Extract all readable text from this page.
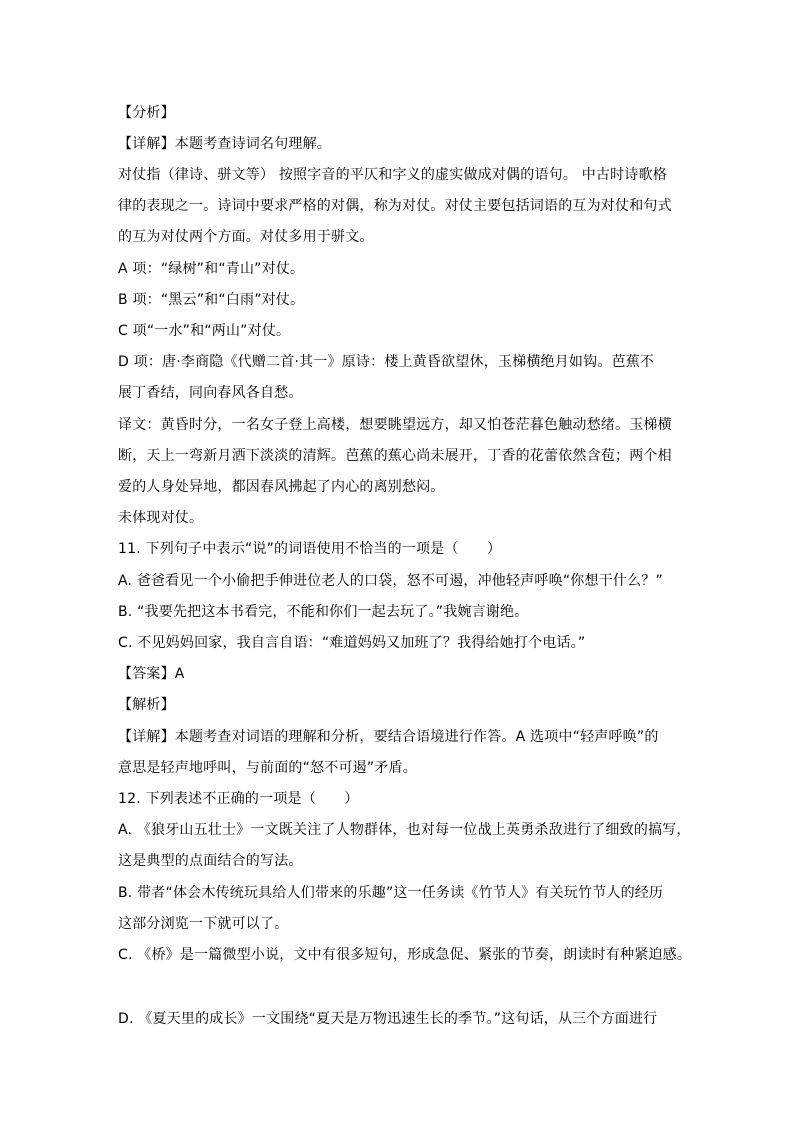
【分析】
【详解】本题考查诗词名句理解。
对仗指（律诗、骈文等） 按照字音的平仄和字义的虚实做成对偶的语句。 中古时诗歌格
律的表现之一。诗词中要求严格的对偶，称为对仗。对仗主要包括词语的互为对仗和句式
的互为对仗两个方面。对仗多用于骈文。
A 项：“绿树”和“青山”对仗。
B 项：“黑云”和“白雨”对仗。
C 项“一水”和“两山”对仗。
D 项：唐·李商隐《代赠二首·其一》原诗：楼上黄昏欲望休，玉梯横绝月如钩。芭蕉不
展丁香结，同向春风各自愁。
译文：黄昏时分，一名女子登上高楼，想要眺望远方，却又怕苍茫暮色触动愁绪。玉梯横
断，天上一弯新月洒下淡淡的清辉。芭蕉的蕉心尚未展开，丁香的花蕾依然含苞；两个相
爱的人身处异地，都因春风拂起了内心的离别愁闷。
未体现对仗。
11. 下列句子中表示“说”的词语使用不恰当的一项是（　　）
A. 爸爸看见一个小偷把手伸进位老人的口袋，怒不可遏，冲他轻声呼唤“你想干什么？”
B. “我要先把这本书看完，不能和你们一起去玩了。”我婉言谢绝。
C. 不见妈妈回家，我自言自语：“难道妈妈又加班了？我得给她打个电话。”
【答案】A
【解析】
【详解】本题考查对词语的理解和分析，要结合语境进行作答。A 选项中“轻声呼唤”的
意思是轻声地呼叫，与前面的“怒不可遏”矛盾。
12. 下列表述不正确的一项是（　　）
A. 《狼牙山五壮士》一文既关注了人物群体，也对每一位战上英勇杀敌进行了细致的搞写，
这是典型的点面结合的写法。
B. 带者“体会木传统玩具给人们带来的乐趣”这一任务读《竹节人》有关玩竹节人的经历
这部分浏览一下就可以了。
C. 《桥》是一篇微型小说，文中有很多短句，形成急促、紧张的节奏，朗读时有种紧迫感。
D. 《夏天里的成长》一文围绕“夏天是万物迅速生长的季节。”这句话，从三个方面进行
